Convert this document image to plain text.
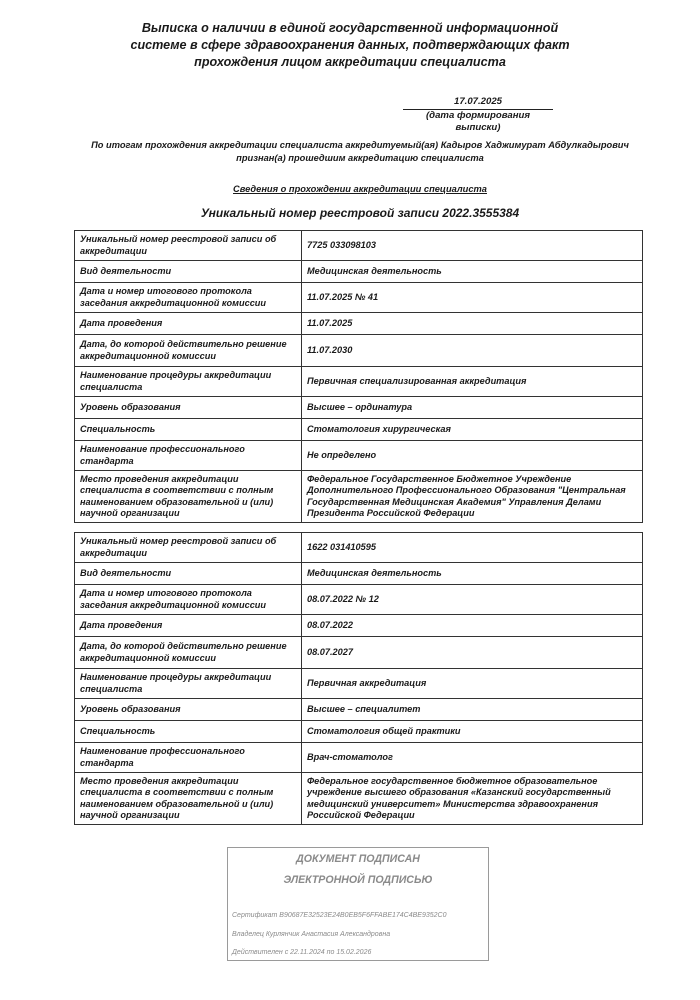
Выписка о наличии в единой государственной информационной
системе в сфере здравоохранения данных, подтверждающих факт
прохождения лицом аккредитации специалиста
17.07.2025
(дата формирования выписки)
По итогам прохождения аккредитации специалиста аккредитуемый(ая) Кадыров Хаджимурат Абдулкадырович
признан(а) прошедшим аккредитацию специалиста
Сведения о прохождении аккредитации специалиста
Уникальный номер реестровой записи 2022.3555384
Уникальный номер реестровой записи об аккредитации	7725 033098103
Вид деятельности	Медицинская деятельность
Дата и номер итогового протокола заседания аккредитационной комиссии	11.07.2025 № 41
Дата проведения	11.07.2025
Дата, до которой действительно решение аккредитационной комиссии	11.07.2030
Наименование процедуры аккредитации специалиста	Первичная специализированная аккредитация
Уровень образования	Высшее – ординатура
Специальность	Стоматология хирургическая
Наименование профессионального стандарта	Не определено
Место проведения аккредитации специалиста в соответствии с полным наименованием образовательной и (или) научной организации	Федеральное Государственное Бюджетное Учреждение Дополнительного Профессионального Образования "Центральная Государственная Медицинская Академия" Управления Делами Президента Российской Федерации
Уникальный номер реестровой записи об аккредитации	1622 031410595
Вид деятельности	Медицинская деятельность
Дата и номер итогового протокола заседания аккредитационной комиссии	08.07.2022 № 12
Дата проведения	08.07.2022
Дата, до которой действительно решение аккредитационной комиссии	08.07.2027
Наименование процедуры аккредитации специалиста	Первичная аккредитация
Уровень образования	Высшее – специалитет
Специальность	Стоматология общей практики
Наименование профессионального стандарта	Врач-стоматолог
Место проведения аккредитации специалиста в соответствии с полным наименованием образовательной и (или) научной организации	Федеральное государственное бюджетное образовательное учреждение высшего образования «Казанский государственный медицинский университет» Министерства здравоохранения Российской Федерации
ДОКУМЕНТ ПОДПИСАН
ЭЛЕКТРОННОЙ ПОДПИСЬЮ
Сертификат B90687E32523E24B0EB5F6FFABE174C4BE9352C0
Владелец Курлянчик Анастасия Александровна
Действителен с 22.11.2024 по 15.02.2026
